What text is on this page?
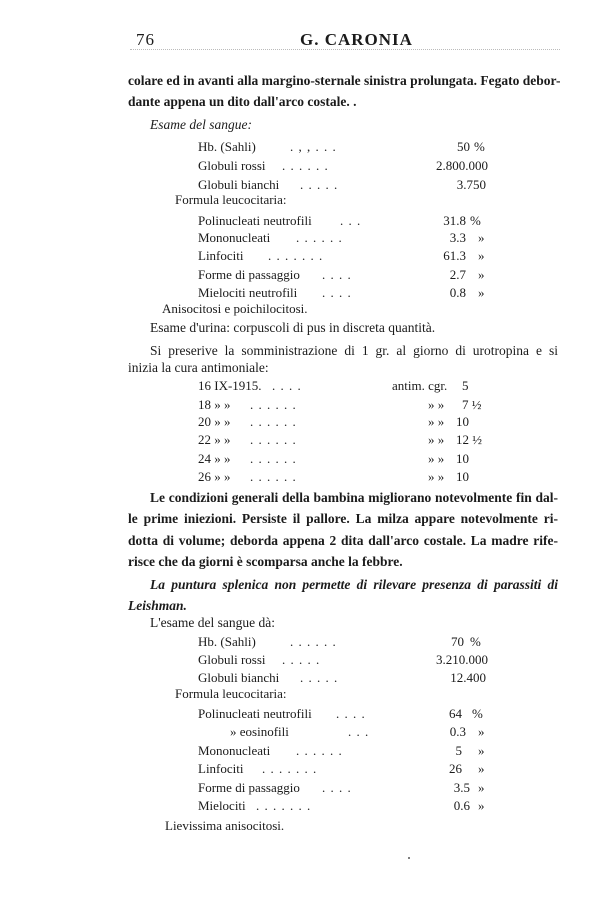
76	G. CARONIA
colare ed in avanti alla margino-sternale sinistra prolungata. Fegato debor-
dante appena un dito dall'arco costale. .
Esame del sangue:
Hb. (Sahli)	. , , . . .	50 %
Globuli rossi . . . . . .	2.800.000
Globuli bianchi . . . . .	3.750
Formula leucocitaria:
Polinucleati neutrofili . . .	31.8 %
Mononucleati . . . . . .	3.3 »
Linfociti . . . . . . .	61.3 »
Forme di passaggio . . . .	2.7 »
Mielociti neutrofili . . . .	0.8 »
Anisocitosi e poichilocitosi.
Esame d'urina: corpuscoli di pus in discreta quantità.
Si preserive la somministrazione di 1 gr. al giorno di urotropina e si
inizia la cura antimoniale:
16 IX-1915. . . . .	antim. cgr. 5
18 » » . . . . . .	» » 7 ½
20 » » . . . . . .	» » 10
22 » » . . . . . .	» » 12 ½
24 » » . . . . . .	» » 10
26 » » . . . . . .	» » 10
Le condizioni generali della bambina migliorano notevolmente fin dal-
le prime iniezioni. Persiste il pallore. La milza appare notevolmente ri-
dotta di volume; deborda appena 2 dita dall'arco costale. La madre rife-
risce che da giorni è scomparsa anche la febbre.
La puntura splenica non permette di rilevare presenza di parassiti di
Leishman.
L'esame del sangue dà:
Hb. (Sahli)	. . . . . .	70 %
Globuli rossi . . . . .	3.210.000
Globuli bianchi . . . . .	12.400
Formula leucocitaria:
Polinucleati neutrofili . . . .	64 %
» eosinofili	. . .	0.3 »
Mononucleati . . . . . .	5 »
Linfociti . . . . . . .	26 »
Forme di passaggio . . . .	3.5 »
Mielociti . . . . . . .	0.6 »
Lievissima anisocitosi.
